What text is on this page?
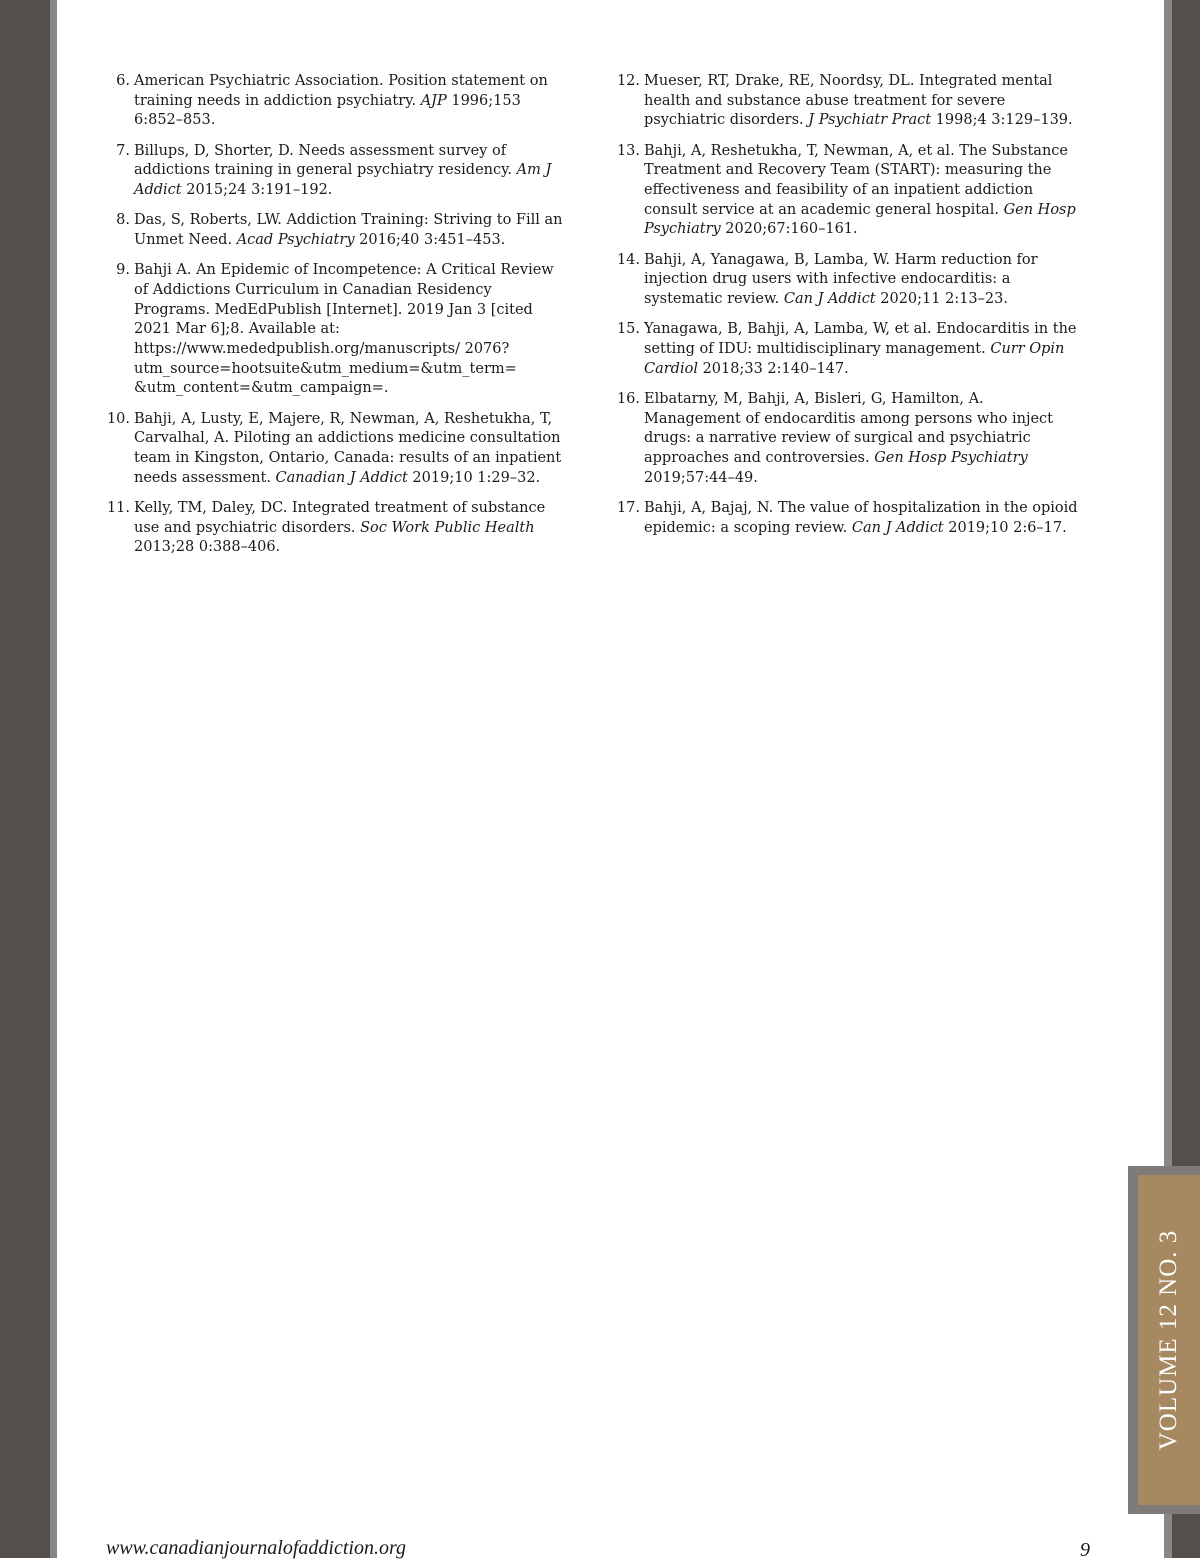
6. American Psychiatric Association. Position statement on training needs in addiction psychiatry. AJP 1996;153 6:852–853.
7. Billups, D, Shorter, D. Needs assessment survey of addictions training in general psychiatry residency. Am J Addict 2015;24 3:191–192.
8. Das, S, Roberts, LW. Addiction Training: Striving to Fill an Unmet Need. Acad Psychiatry 2016;40 3:451–453.
9. Bahji A. An Epidemic of Incompetence: A Critical Review of Addictions Curriculum in Canadian Residency Programs. MedEdPublish [Internet]. 2019 Jan 3 [cited 2021 Mar 6];8. Available at: https://www.mededpublish.org/manuscripts/ 2076?utm_source=hootsuite&utm_medium=&utm_term= &utm_content=&utm_campaign=.
10. Bahji, A, Lusty, E, Majere, R, Newman, A, Reshetukha, T, Carvalhal, A. Piloting an addictions medicine consultation team in Kingston, Ontario, Canada: results of an inpatient needs assessment. Canadian J Addict 2019;10 1:29–32.
11. Kelly, TM, Daley, DC. Integrated treatment of substance use and psychiatric disorders. Soc Work Public Health 2013;28 0:388–406.
12. Mueser, RT, Drake, RE, Noordsy, DL. Integrated mental health and substance abuse treatment for severe psychiatric disorders. J Psychiatr Pract 1998;4 3:129–139.
13. Bahji, A, Reshetukha, T, Newman, A, et al. The Substance Treatment and Recovery Team (START): measuring the effectiveness and feasibility of an inpatient addiction consult service at an academic general hospital. Gen Hosp Psychiatry 2020;67:160–161.
14. Bahji, A, Yanagawa, B, Lamba, W. Harm reduction for injection drug users with infective endocarditis: a systematic review. Can J Addict 2020;11 2:13–23.
15. Yanagawa, B, Bahji, A, Lamba, W, et al. Endocarditis in the setting of IDU: multidisciplinary management. Curr Opin Cardiol 2018;33 2:140–147.
16. Elbatarny, M, Bahji, A, Bisleri, G, Hamilton, A. Management of endocarditis among persons who inject drugs: a narrative review of surgical and psychiatric approaches and controversies. Gen Hosp Psychiatry 2019;57:44–49.
17. Bahji, A, Bajaj, N. The value of hospitalization in the opioid epidemic: a scoping review. Can J Addict 2019;10 2:6–17.
VOLUME 12 NO. 3
www.canadianjournalofaddiction.org	9
